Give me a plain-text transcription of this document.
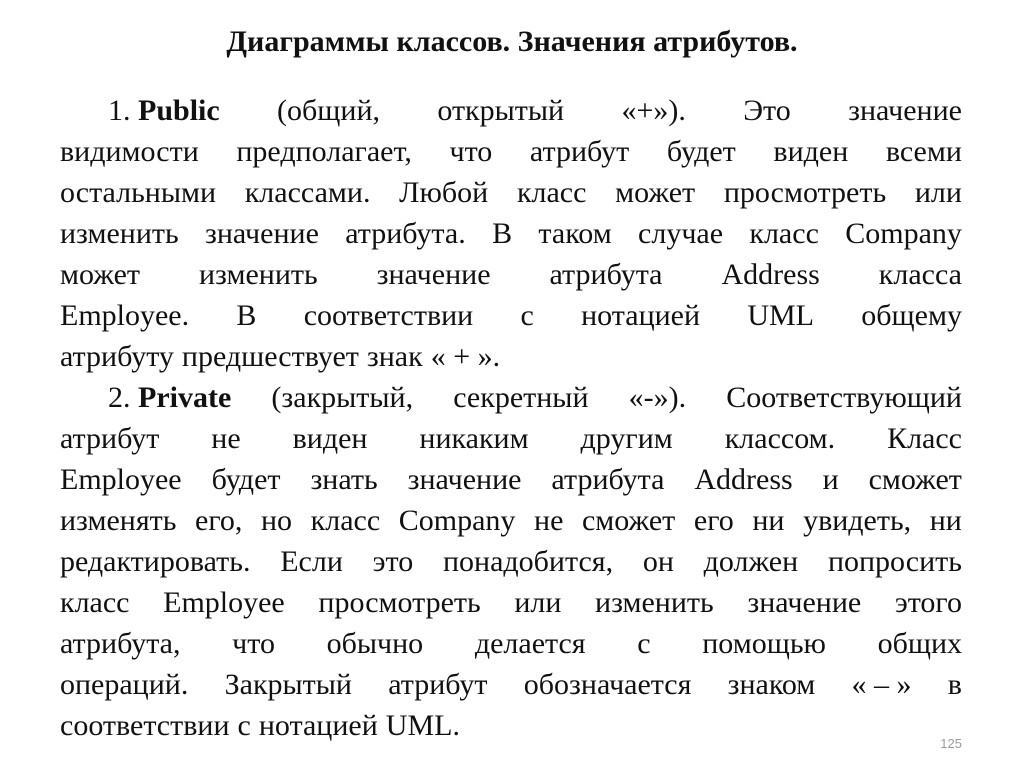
Диаграммы классов. Значения атрибутов.
1. Public (общий, открытый «+»). Это значение
видимости предполагает, что атрибут будет виден всеми
остальными классами. Любой класс может просмотреть или
изменить значение атрибута. В таком случае класс Company
может изменить значение атрибута Address класса
Employee. В соответствии с нотацией UML общему
атрибуту предшествует знак « + ».
2. Private (закрытый, секретный «-»). Соответствующий
атрибут не виден никаким другим классом. Класс
Employee будет знать значение атрибута Address и сможет
изменять его, но класс Company не сможет его ни увидеть, ни
редактировать. Если это понадобится, он должен попросить
класс Employee просмотреть или изменить значение этого
атрибута, что обычно делается с помощью общих
операций. Закрытый атрибут обозначается знаком « – » в
соответствии с нотацией UML.
125
